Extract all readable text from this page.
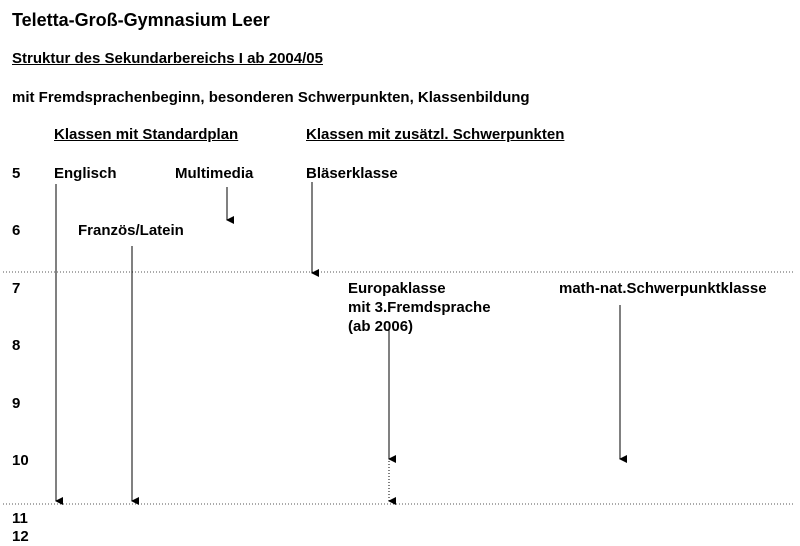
Teletta-Groß-Gymnasium Leer
Struktur des Sekundarbereichs I ab 2004/05
mit Fremdsprachenbeginn, besonderen Schwerpunkten, Klassenbildung
Klassen mit Standardplan	Klassen mit zusätzl. Schwerpunkten
5
6
7
8
9
10
11
12
Englisch	Multimedia	Bläserklasse
Französ/Latein
Europaklasse
mit 3.Fremdsprache
(ab 2006)
math-nat.Schwerpunktklasse
